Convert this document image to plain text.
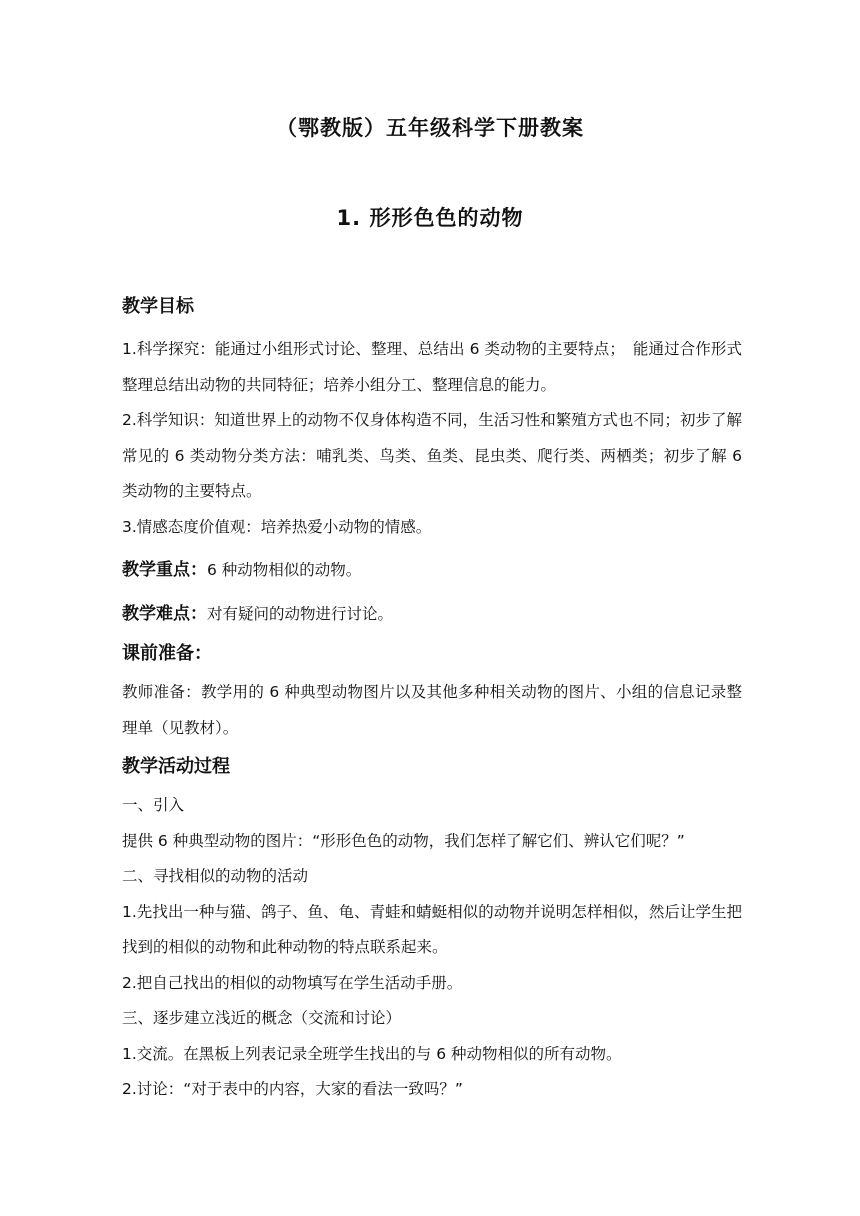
（鄂教版）五年级科学下册教案
1. 形形色色的动物

教学目标

1.科学探究：能通过小组形式讨论、整理、总结出 6 类动物的主要特点；　能通过合作形式整理总结出动物的共同特征；培养小组分工、整理信息的能力。

2.科学知识：知道世界上的动物不仅身体构造不同，生活习性和繁殖方式也不同；初步了解常见的 6 类动物分类方法：哺乳类、鸟类、鱼类、昆虫类、爬行类、两栖类；初步了解 6 类动物的主要特点。

3.情感态度价值观：培养热爱小动物的情感。

教学重点：6 种动物相似的动物。

教学难点：对有疑问的动物进行讨论。

课前准备：

教师准备：教学用的 6 种典型动物图片以及其他多种相关动物的图片、小组的信息记录整理单（见教材）。

教学活动过程

一、引入

提供 6 种典型动物的图片：“形形色色的动物，我们怎样了解它们、辨认它们呢？”

二、寻找相似的动物的活动

1.先找出一种与猫、鸽子、鱼、龟、青蛙和蜻蜓相似的动物并说明怎样相似，然后让学生把找到的相似的动物和此种动物的特点联系起来。

2.把自己找出的相似的动物填写在学生活动手册。

三、逐步建立浅近的概念（交流和讨论）

1.交流。在黑板上列表记录全班学生找出的与 6 种动物相似的所有动物。

2.讨论：“对于表中的内容，大家的看法一致吗？”
